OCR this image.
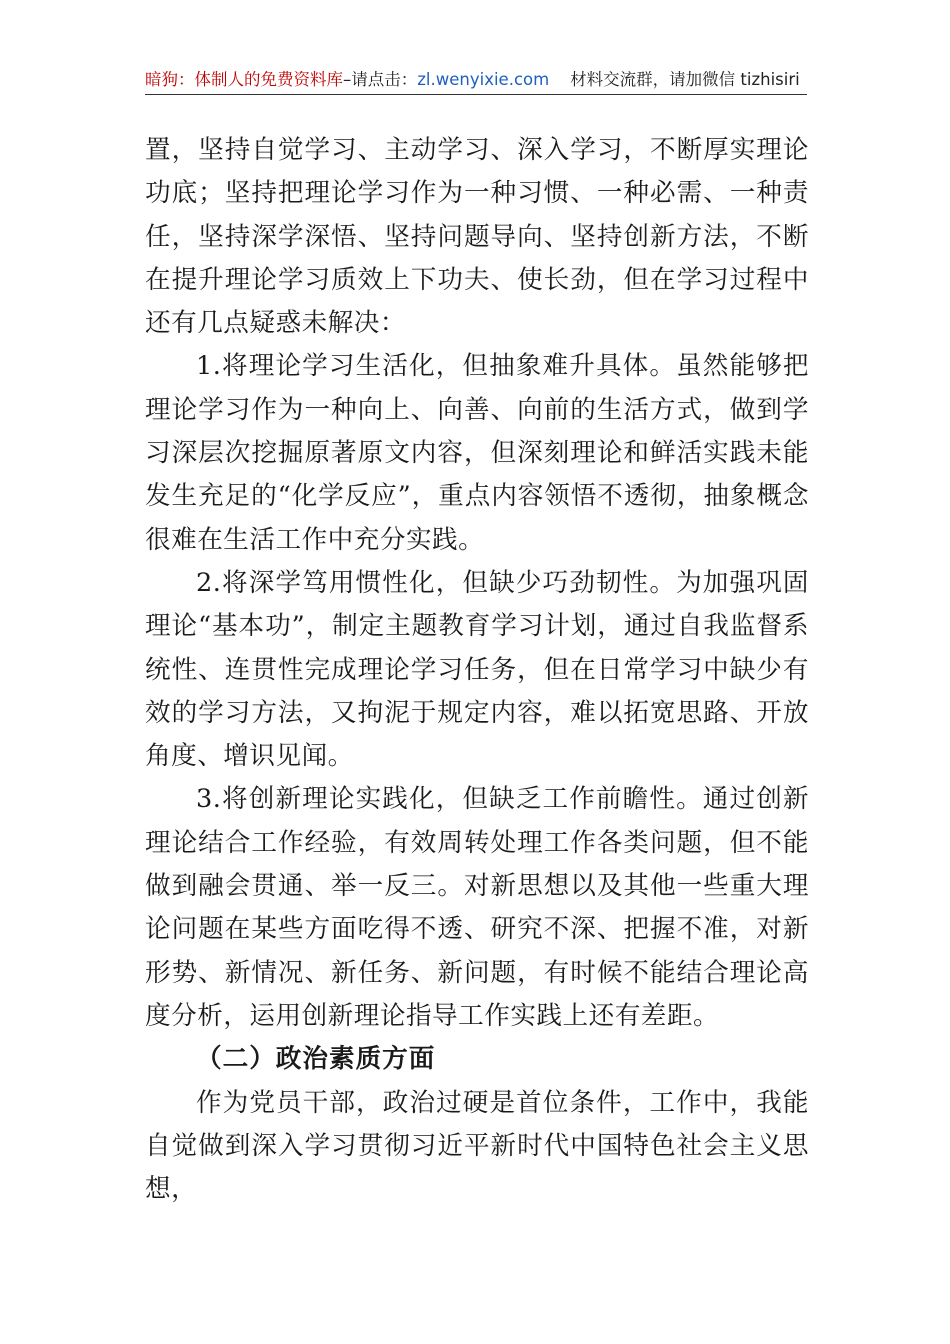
暗狗：体制人的免费资料库–请点击：zl.wenyixie.com 材料交流群，请加微信 tizhisiri

置，坚持自觉学习、主动学习、深入学习，不断厚实理论功底；坚持把理论学习作为一种习惯、一种必需、一种责任，坚持深学深悟、坚持问题导向、坚持创新方法，不断在提升理论学习质效上下功夫、使长劲，但在学习过程中还有几点疑惑未解决：

1.将理论学习生活化，但抽象难升具体。虽然能够把理论学习作为一种向上、向善、向前的生活方式，做到学习深层次挖掘原著原文内容，但深刻理论和鲜活实践未能发生充足的“化学反应”，重点内容领悟不透彻，抽象概念很难在生活工作中充分实践。

2.将深学笃用惯性化，但缺少巧劲韧性。为加强巩固理论“基本功”，制定主题教育学习计划，通过自我监督系统性、连贯性完成理论学习任务，但在日常学习中缺少有效的学习方法，又拘泥于规定内容，难以拓宽思路、开放角度、增识见闻。

3.将创新理论实践化，但缺乏工作前瞻性。通过创新理论结合工作经验，有效周转处理工作各类问题，但不能做到融会贯通、举一反三。对新思想以及其他一些重大理论问题在某些方面吃得不透、研究不深、把握不准，对新形势、新情况、新任务、新问题，有时候不能结合理论高度分析，运用创新理论指导工作实践上还有差距。

（二）政治素质方面

作为党员干部，政治过硬是首位条件，工作中，我能自觉做到深入学习贯彻习近平新时代中国特色社会主义思想，
